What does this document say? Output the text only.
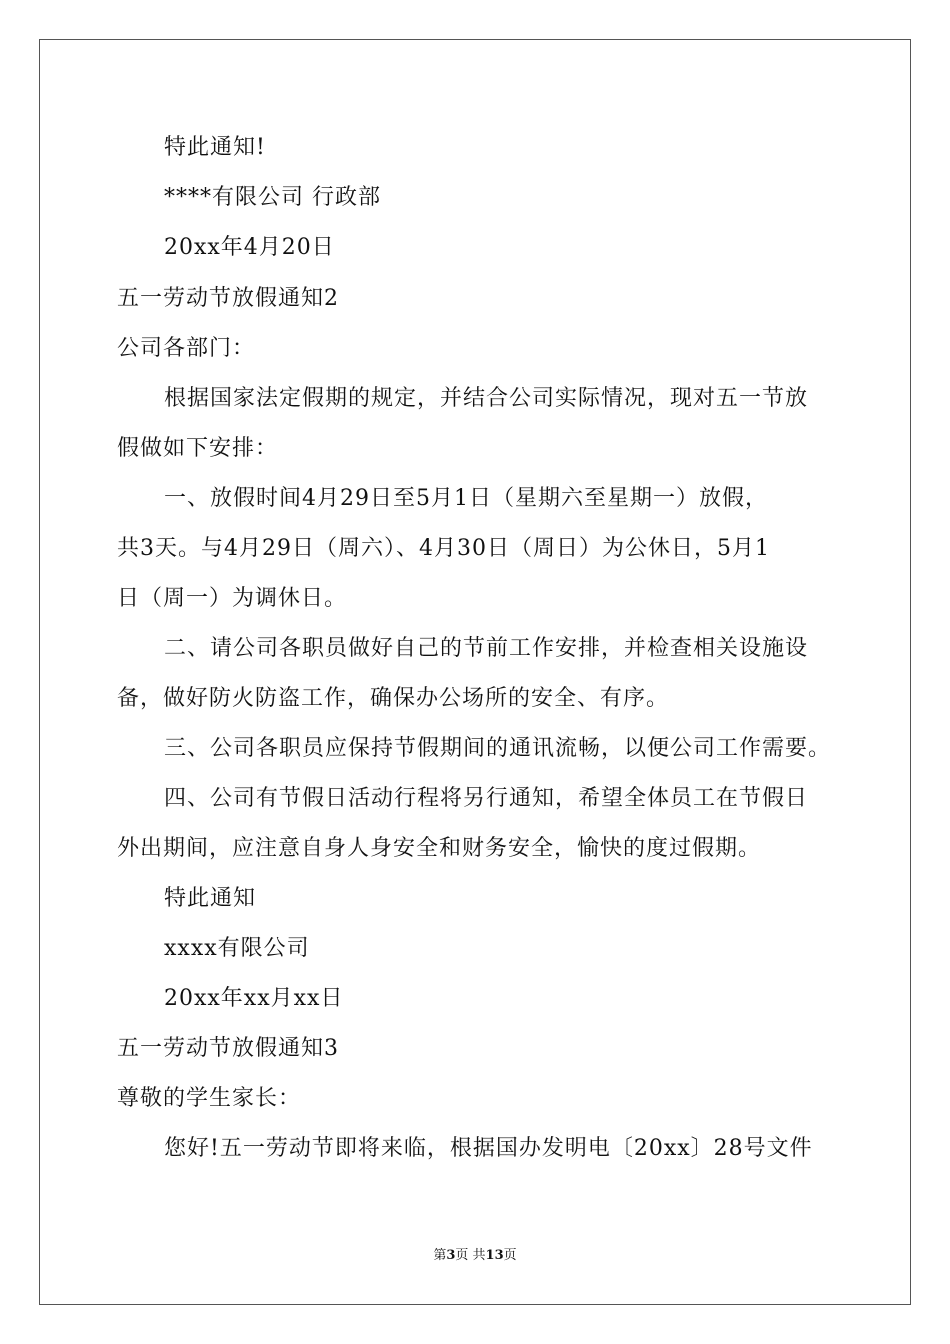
特此通知!
****有限公司 行政部
20xx年4月20日
五一劳动节放假通知2
公司各部门：
根据国家法定假期的规定，并结合公司实际情况，现对五一节放
假做如下安排：
一、放假时间4月29日至5月1日（星期六至星期一）放假，
共3天。与4月29日（周六）、4月30日（周日）为公休日，5月1
日（周一）为调休日。
二、请公司各职员做好自己的节前工作安排，并检查相关设施设
备，做好防火防盗工作，确保办公场所的安全、有序。
三、公司各职员应保持节假期间的通讯流畅，以便公司工作需要。
四、公司有节假日活动行程将另行通知，希望全体员工在节假日
外出期间，应注意自身人身安全和财务安全，愉快的度过假期。
特此通知
xxxx有限公司
20xx年xx月xx日
五一劳动节放假通知3
尊敬的学生家长：
您好!五一劳动节即将来临，根据国办发明电〔20xx〕28号文件
第3页 共13页
